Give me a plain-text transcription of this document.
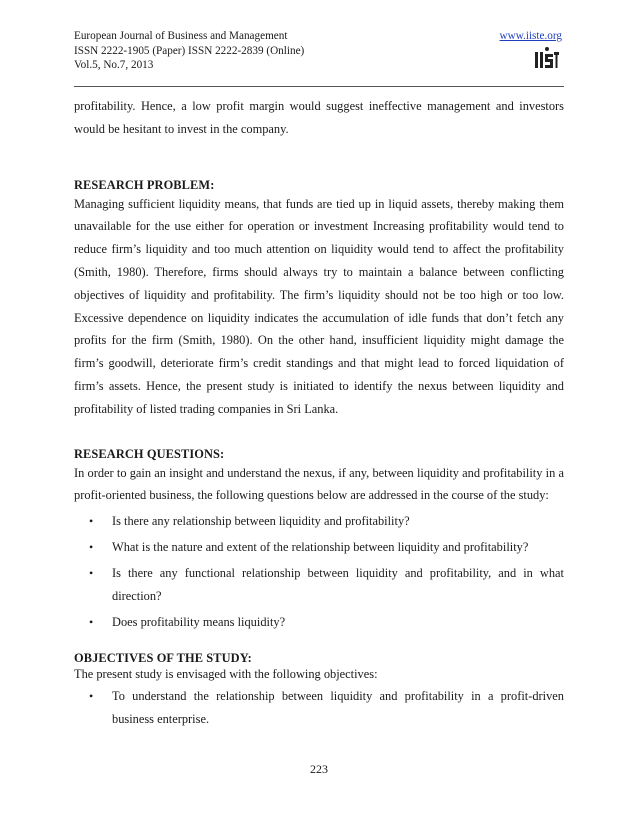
European Journal of Business and Management
ISSN 2222-1905 (Paper) ISSN 2222-2839 (Online)
Vol.5, No.7, 2013
www.iiste.org

profitability. Hence, a low profit margin would suggest ineffective management and investors would be hesitant to invest in the company.

RESEARCH PROBLEM:

Managing sufficient liquidity means, that funds are tied up in liquid assets, thereby making them unavailable for the use either for operation or investment Increasing profitability would tend to reduce firm’s liquidity and too much attention on liquidity would tend to affect the profitability (Smith, 1980). Therefore, firms should always try to maintain a balance between conflicting objectives of liquidity and profitability. The firm’s liquidity should not be too high or too low. Excessive dependence on liquidity indicates the accumulation of idle funds that don’t fetch any profits for the firm (Smith, 1980). On the other hand, insufficient liquidity might damage the firm’s goodwill, deteriorate firm’s credit standings and that might lead to forced liquidation of firm’s assets. Hence, the present study is initiated to identify the nexus between liquidity and profitability of listed trading companies in Sri Lanka.

RESEARCH QUESTIONS:

In order to gain an insight and understand the nexus, if any, between liquidity and profitability in a profit-oriented business, the following questions below are addressed in the course of the study:

• Is there any relationship between liquidity and profitability?
• What is the nature and extent of the relationship between liquidity and profitability?
• Is there any functional relationship between liquidity and profitability, and in what direction?
• Does profitability means liquidity?
OBJECTIVES OF THE STUDY:

The present study is envisaged with the following objectives:

• To understand the relationship between liquidity and profitability in a profit-driven business enterprise.
223
